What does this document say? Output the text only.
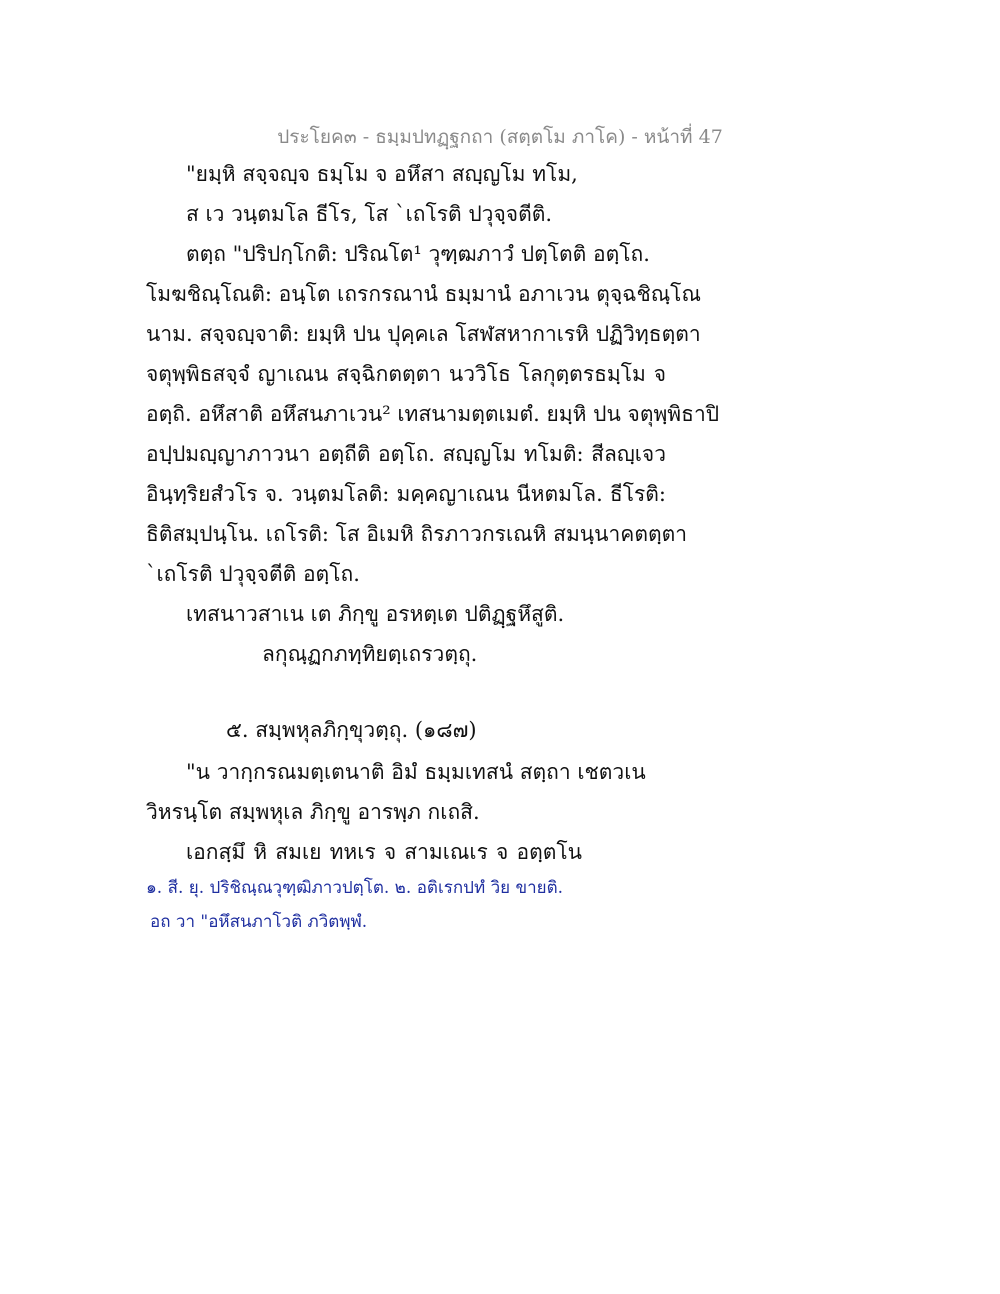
ประโยค๓ - ธมฺมปทฏฺฐกถา (สตฺตโม ภาโค) - หน้าที่ 47
"ยมฺหิ สจฺจญฺจ ธมฺโม จ อหึสา สญฺญโม ทโม,
ส เว วนฺตมโล ธีโร, โส `เถโรติ ปวุจฺจตีติ.
ตตฺถ "ปริปกฺโกติ: ปริณโต¹ วุฑฺฒภาวํ ปตฺโตติ อตฺโถ.
โมฆชิณฺโณติ: อนฺโต เถรกรณานํ ธมฺมานํ อภาเวน ตุจฺฉชิณฺโณ
นาม. สจฺจญฺจาติ: ยมฺหิ ปน ปุคฺคเล โสฬสหากาเรหิ ปฏิวิทฺธตฺตา
จตุพฺพิธสจฺจํ ญาเณน สจฺฉิกตตฺตา นววิโธ โลกุตฺตรธมฺโม จ
อตฺถิ. อหึสาติ อหึสนภาเวน² เทสนามตฺตเมตํ. ยมฺหิ ปน จตุพฺพิธาปิ
อปฺปมญฺญาภาวนา อตฺถีติ อตฺโถ. สญฺญโม ทโมติ: สีลญฺเจว
อินฺทฺริยสํวโร จ. วนฺตมโลติ: มคฺคญาเณน นีหตมโล. ธีโรติ:
ธิติสมฺปนฺโน. เถโรติ: โส อิเมหิ ถิรภาวกรเณหิ สมนฺนาคตตฺตา
`เถโรติ ปวุจฺจตีติ อตฺโถ.
เทสนาวสาเน เต ภิกฺขู อรหตฺเต ปติฏฺฐหึสูติ.
ลกุณฺฏกภทฺทิยตฺเถรวตฺถุ.
๕. สมฺพหุลภิกฺขุวตฺถุ. (๑๘๗)
"น วากฺกรณมตฺเตนาติ อิมํ ธมฺมเทสนํ สตฺถา เชตวเน
วิหรนฺโต สมฺพหุเล ภิกฺขู อารพฺภ กเถสิ.
เอกสฺมึ หิ สมเย ทหเร จ สามเณเร จ อตฺตโน
๑. สี. ยุ. ปริชิณฺณวุฑฺฒิภาวปตฺโต. ๒. อติเรกปทํ วิย ขายติ.
อถ วา "อหึสนภาโวติ ภวิตพฺพํ.
